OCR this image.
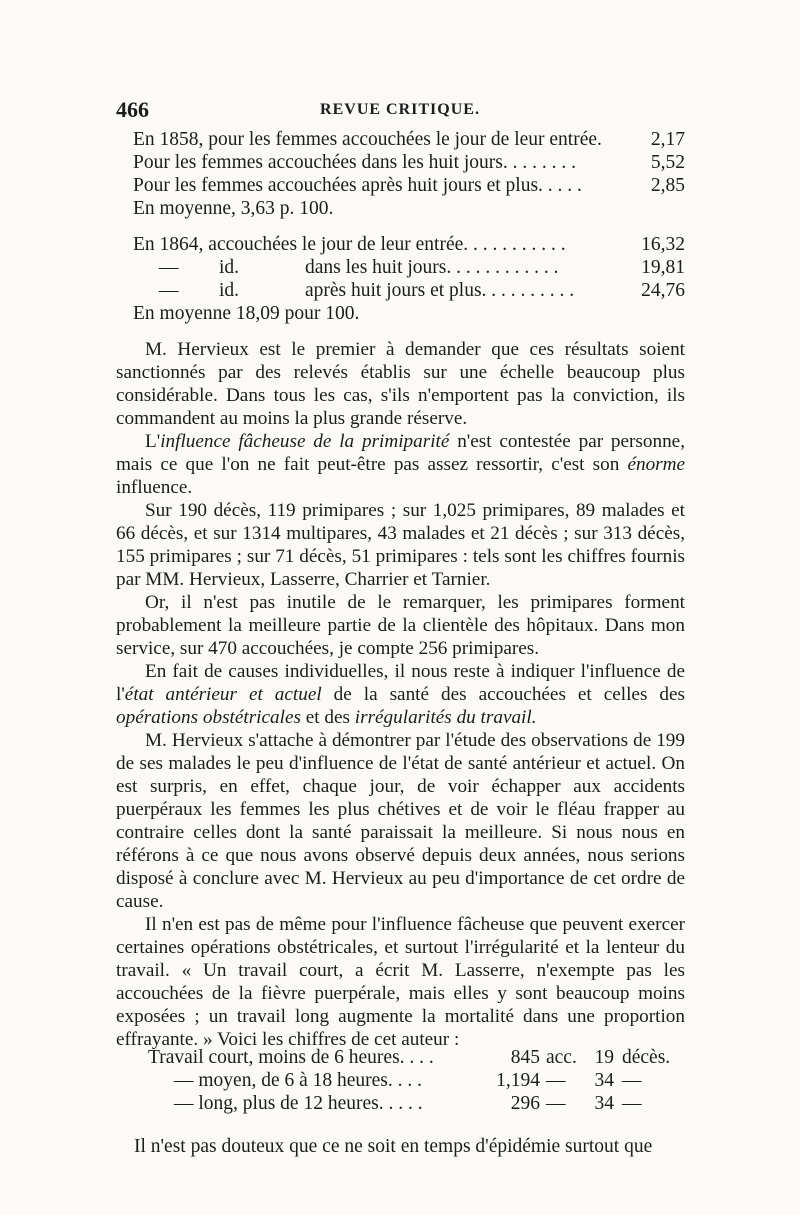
466	REVUE CRITIQUE.
En 1858, pour les femmes accouchées le jour de leur entrée.	2,17
Pour les femmes accouchées dans les huit jours. . . . . . . .	5,52
Pour les femmes accouchées après huit jours et plus. . . . .	2,85
En moyenne, 3,63 p. 100.
En 1864, accouchées le jour de leur entrée. . . . . . . . . . .	16,32
— id.	dans les huit jours. . . . . . . . . . . .	19,81
— id.	après huit jours et plus. . . . . . . . . .	24,76
En moyenne 18,09 pour 100.

M. Hervieux est le premier à demander que ces résultats soient sanctionnés par des relevés établis sur une échelle beaucoup plus considérable. Dans tous les cas, s'ils n'emportent pas la conviction, ils commandent au moins la plus grande réserve.

L'influence fâcheuse de la primiparité n'est contestée par personne, mais ce que l'on ne fait peut-être pas assez ressortir, c'est son énorme influence.

Sur 190 décès, 119 primipares ; sur 1,025 primipares, 89 malades et 66 décès, et sur 1314 multipares, 43 malades et 21 décès ; sur 313 décès, 155 primipares ; sur 71 décès, 51 primipares : tels sont les chiffres fournis par MM. Hervieux, Lasserre, Charrier et Tarnier.

Or, il n'est pas inutile de le remarquer, les primipares forment probablement la meilleure partie de la clientèle des hôpitaux. Dans mon service, sur 470 accouchées, je compte 256 primipares.

En fait de causes individuelles, il nous reste à indiquer l'influence de l'état antérieur et actuel de la santé des accouchées et celles des opérations obstétricales et des irrégularités du travail.

M. Hervieux s'attache à démontrer par l'étude des observations de 199 de ses malades le peu d'influence de l'état de santé antérieur et actuel. On est surpris, en effet, chaque jour, de voir échapper aux accidents puerpéraux les femmes les plus chétives et de voir le fléau frapper au contraire celles dont la santé paraissait la meilleure. Si nous nous en référons à ce que nous avons observé depuis deux années, nous serions disposé à conclure avec M. Hervieux au peu d'importance de cet ordre de cause.

Il n'en est pas de même pour l'influence fâcheuse que peuvent exercer certaines opérations obstétricales, et surtout l'irrégularité et la lenteur du travail. « Un travail court, a écrit M. Lasserre, n'exempte pas les accouchées de la fièvre puerpérale, mais elles y sont beaucoup moins exposées ; un travail long augmente la mortalité dans une proportion effrayante. » Voici les chiffres de cet auteur :

Travail court, moins de 6 heures. . . .	845 acc. 19 décès.
— moyen, de 6 à 18 heures. . . .	1,194 —	34 —
— long, plus de 12 heures. . . . .	296 —	34 —
Il n'est pas douteux que ce ne soit en temps d'épidémie surtout que
